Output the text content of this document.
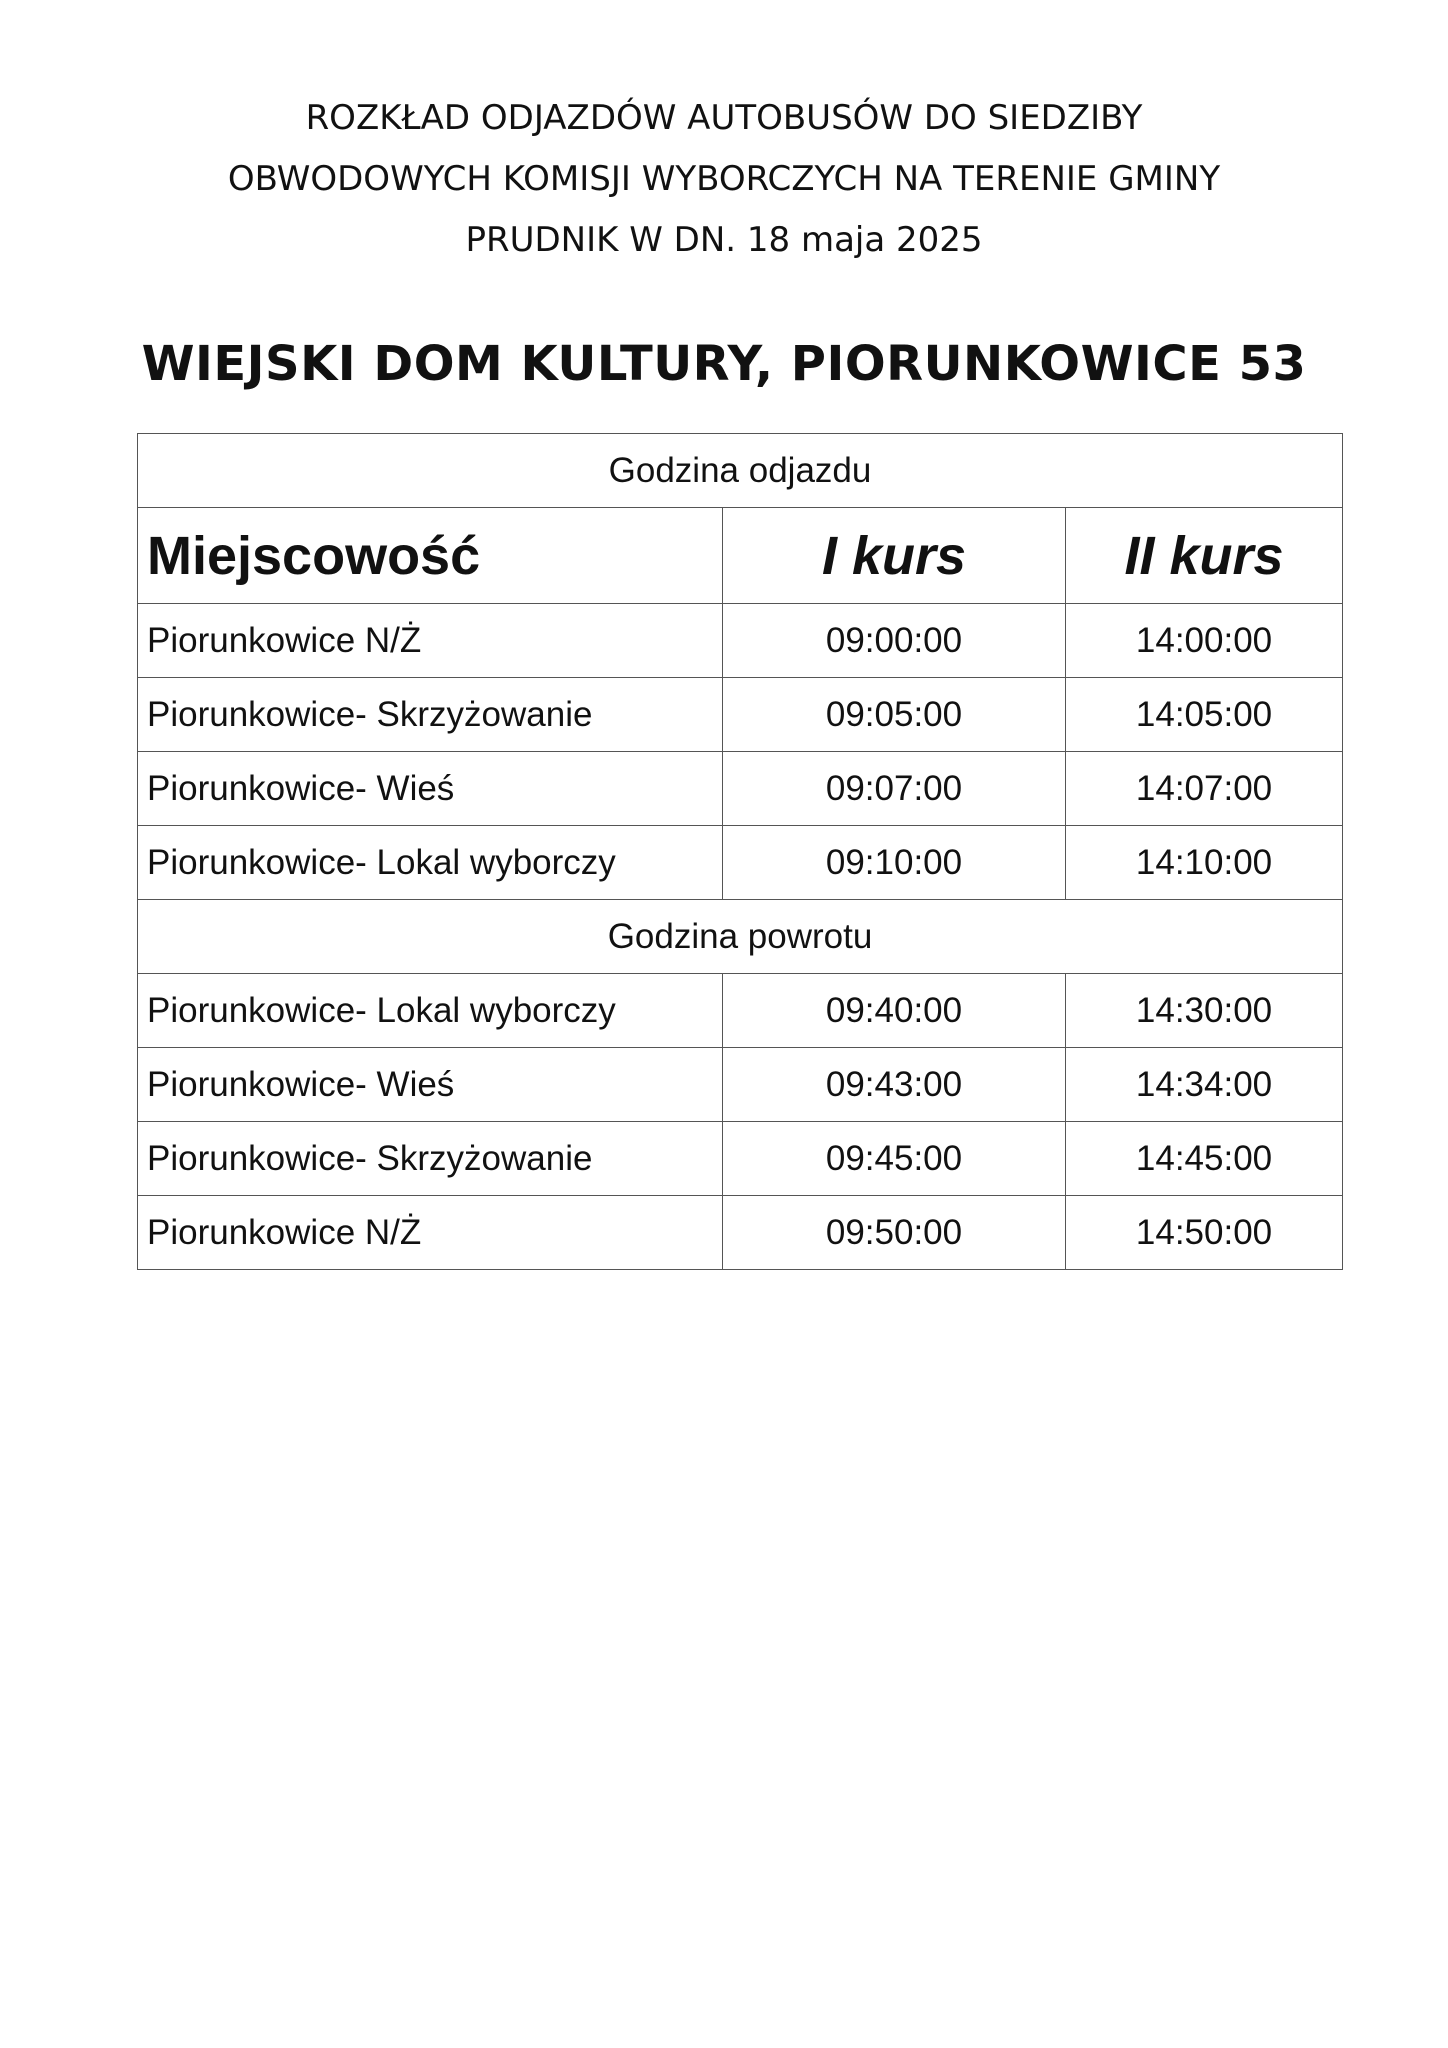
ROZKŁAD ODJAZDÓW AUTOBUSÓW DO SIEDZIBY
OBWODOWYCH KOMISJI WYBORCZYCH NA TERENIE GMINY
PRUDNIK W DN. 18 maja 2025
WIEJSKI DOM KULTURY, PIORUNKOWICE 53
Godzina odjazdu		
Miejscowość	I kurs	II kurs
Piorunkowice N/Ż	09:00:00	14:00:00
Piorunkowice- Skrzyżowanie	09:05:00	14:05:00
Piorunkowice- Wieś	09:07:00	14:07:00
Piorunkowice- Lokal wyborczy	09:10:00	14:10:00
Godzina powrotu		
Piorunkowice- Lokal wyborczy	09:40:00	14:30:00
Piorunkowice- Wieś	09:43:00	14:34:00
Piorunkowice- Skrzyżowanie	09:45:00	14:45:00
Piorunkowice N/Ż	09:50:00	14:50:00
